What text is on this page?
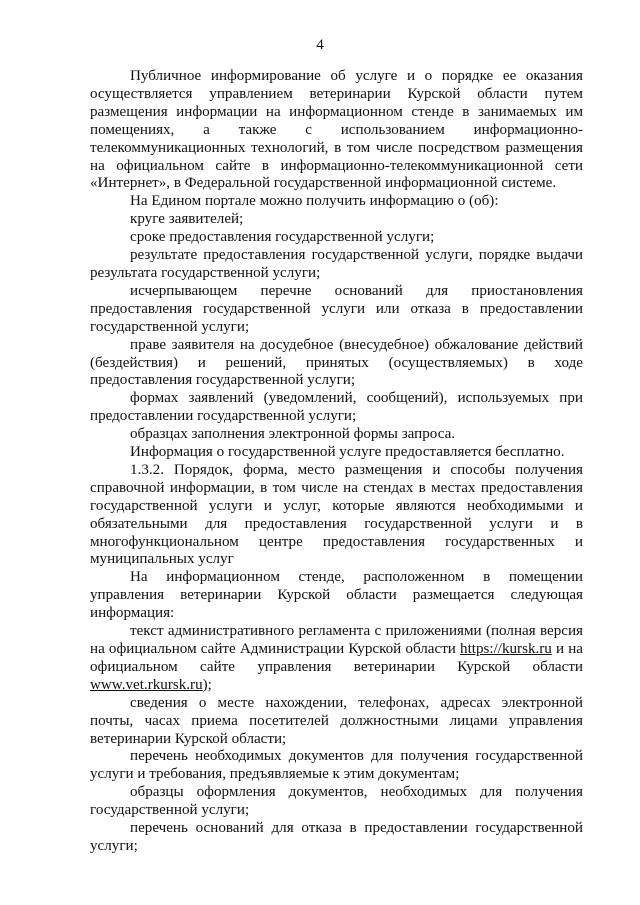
4

Публичное информирование об услуге и о порядке ее оказания осуществляется управлением ветеринарии Курской области путем размещения информации на информационном стенде в занимаемых им помещениях, а также с использованием информационно-телекоммуникационных технологий, в том числе посредством размещения на официальном сайте в информационно-телекоммуникационной сети «Интернет», в Федеральной государственной информационной системе.

На Едином портале можно получить информацию о (об):

круге заявителей;

сроке предоставления государственной услуги;

результате предоставления государственной услуги, порядке выдачи результата государственной услуги;

исчерпывающем перечне оснований для приостановления предоставления государственной услуги или отказа в предоставлении государственной услуги;

праве заявителя на досудебное (внесудебное) обжалование действий (бездействия) и решений, принятых (осуществляемых) в ходе предоставления государственной услуги;

формах заявлений (уведомлений, сообщений), используемых при предоставлении государственной услуги;

образцах заполнения электронной формы запроса.

Информация о государственной услуге предоставляется бесплатно.

1.3.2. Порядок, форма, место размещения и способы получения справочной информации, в том числе на стендах в местах предоставления государственной услуги и услуг, которые являются необходимыми и обязательными для предоставления государственной услуги и в многофункциональном центре предоставления государственных и муниципальных услуг

На информационном стенде, расположенном в помещении управления ветеринарии Курской области размещается следующая информация:

текст административного регламента с приложениями (полная версия на официальном сайте Администрации Курской области https://kursk.ru и на официальном сайте управления ветеринарии Курской области www.vet.rkursk.ru);

сведения о месте нахождении, телефонах, адресах электронной почты, часах приема посетителей должностными лицами управления ветеринарии Курской области;

перечень необходимых документов для получения государственной услуги и требования, предъявляемые к этим документам;

образцы оформления документов, необходимых для получения государственной услуги;

перечень оснований для отказа в предоставлении государственной услуги;
